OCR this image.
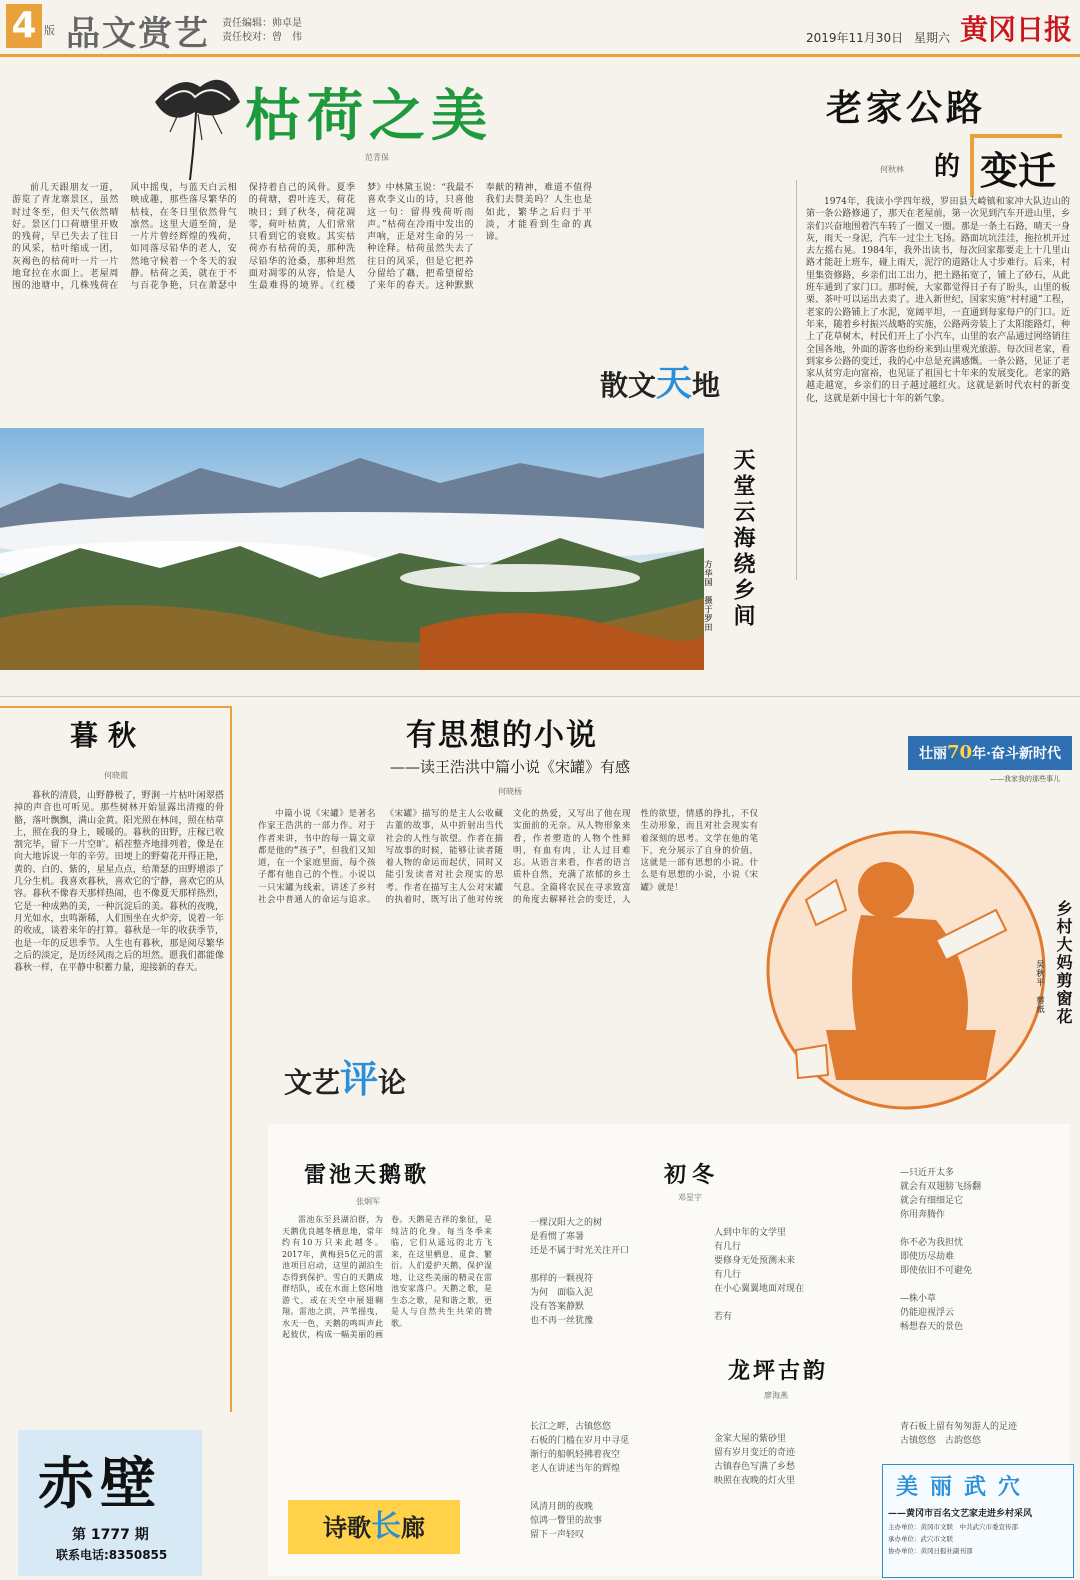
4 版 品文赏艺 责任编辑：帅卓是
责任校对：曾　伟	2019年11月30日 星期六 黄冈日报
枯荷之美
范青保
前几天跟朋友一道，游览了青龙寨景区，虽然时过冬至，但天气依然晴好。景区门口荷塘里开败的残荷，早已失去了往日的风采，枯叶缩成一团，灰褐色的枯荷叶一片一片地耷拉在水面上。老屋周围的池塘中，几株残荷在风中摇曳，与蓝天白云相映成趣，那些落尽繁华的枯枝，在冬日里依然骨气凛然。这里大道至简，是一片片曾经辉煌的残荷，如同落尽铅华的老人，安然地守候着一个冬天的寂静。枯荷之美，就在于不与百花争艳，只在萧瑟中保持着自己的风骨。夏季的荷塘，碧叶连天，荷花映日；到了秋冬，荷花凋零，荷叶枯黄，人们常常只看到它的衰败。其实枯荷亦有枯荷的美，那种洗尽铅华的沧桑，那种坦然面对凋零的从容，恰是人生最难得的境界。《红楼梦》中林黛玉说：“我最不喜欢李义山的诗，只喜他这一句：留得残荷听雨声。”枯荷在冷雨中发出的声响，正是对生命的另一种诠释。枯荷虽然失去了往日的风采，但是它把养分留给了藕，把希望留给了来年的春天。这种默默奉献的精神，难道不值得我们去赞美吗？人生也是如此，繁华之后归于平淡，才能看到生命的真谛。
散文天地
老家公路
的 变迁
何秋林
1974年，我读小学四年级，罗田县大崎镇和家冲大队边山的第一条公路修通了，那天在老屋前，第一次见到汽车开进山里，乡亲们兴奋地围着汽车转了一圈又一圈。那是一条土石路，晴天一身灰，雨天一身泥，汽车一过尘土飞扬。路面坑坑洼洼，拖拉机开过去左摇右晃。1984年，我外出读书，每次回家都要走上十几里山路才能赶上班车，碰上雨天，泥泞的道路让人寸步难行。后来，村里集资修路，乡亲们出工出力，把土路拓宽了，铺上了砂石，从此班车通到了家门口。那时候，大家都觉得日子有了盼头，山里的板栗、茶叶可以运出去卖了。进入新世纪，国家实施“村村通”工程，老家的公路铺上了水泥，宽阔平坦，一直通到每家每户的门口。近年来，随着乡村振兴战略的实施，公路两旁装上了太阳能路灯，种上了花草树木，村民们开上了小汽车，山里的农产品通过网络销往全国各地，外面的游客也纷纷来到山里观光旅游。每次回老家，看到家乡公路的变迁，我的心中总是充满感慨。一条公路，见证了老家从贫穷走向富裕，也见证了祖国七十年来的发展变化。老家的路越走越宽，乡亲们的日子越过越红火。这就是新时代农村的新变化，这就是新中国七十年的新气象。
天堂云海绕乡间
方华国　摄于罗田
暮秋
何晓霞
暮秋的清晨，山野静极了，野涧一片枯叶闲翠搭掉的声音也可听见。那些树林开始显露出清瘦的骨骼，落叶飘飘，满山金黄。阳光照在林间，照在枯草上，照在我的身上，暖暖的。暮秋的田野，庄稼已收割完毕，留下一片空旷。稻茬整齐地排列着，像是在向大地诉说一年的辛劳。田埂上的野菊花开得正艳，黄的、白的、紫的，星星点点，给萧瑟的田野增添了几分生机。我喜欢暮秋，喜欢它的宁静，喜欢它的从容。暮秋不像春天那样热闹，也不像夏天那样热烈，它是一种成熟的美，一种沉淀后的美。暮秋的夜晚，月光如水，虫鸣渐稀，人们围坐在火炉旁，说着一年的收成，谈着来年的打算。暮秋是一年的收获季节，也是一年的反思季节。人生也有暮秋，那是阅尽繁华之后的淡定，是历经风雨之后的坦然。愿我们都能像暮秋一样，在平静中积蓄力量，迎接新的春天。
有思想的小说
——读王浩洪中篇小说《宋罐》有感
何晓杨
中篇小说《宋罐》是著名作家王浩洪的一部力作。对于作者来讲，书中的每一篇文章都是他的“孩子”，但我们又知道，在一个家庭里面，每个孩子都有他自己的个性。小说以一只宋罐为线索，讲述了乡村社会中普通人的命运与追求。《宋罐》描写的是主人公收藏古董的故事，从中折射出当代社会的人性与欲望。作者在描写故事的时候，能够让读者随着人物的命运而起伏，同时又能引发读者对社会现实的思考。作者在描写主人公对宋罐的执着时，既写出了他对传统文化的热爱，又写出了他在现实面前的无奈。从人物形象来看，作者塑造的人物个性鲜明，有血有肉，让人过目难忘。从语言来看，作者的语言质朴自然，充满了浓郁的乡土气息。全篇将农民在寻求致富的角度去解释社会的变迁，人性的欲望，情感的挣扎，不仅生动形象，而且对社会现实有着深刻的思考。文学在他的笔下，充分展示了自身的价值，这就是一部有思想的小说。什么是有思想的小说，小说《宋罐》就是！
文艺评论
乡村大妈剪窗花
吴秋平　剪纸
壮丽70年·奋斗新时代
——我家我的那些事儿
雷池天鹅歌
张炯军
雷池东至县湖泊群，为天鹅优良越冬栖息地，常年约有10万只来此越冬。2017年，黄梅县5亿元的雷池项目启动，这里的湖泊生态得到保护。雪白的天鹅成群结队，或在水面上悠闲地游弋，或在天空中展翅翱翔。雷池之滨，芦苇摇曳，水天一色，天鹅的鸣叫声此起彼伏，构成一幅美丽的画卷。天鹅是吉祥的象征，是纯洁的化身。每当冬季来临，它们从遥远的北方飞来，在这里栖息、觅食、繁衍。人们爱护天鹅，保护湿地，让这些美丽的精灵在雷池安家落户。天鹅之歌，是生态之歌，是和谐之歌，更是人与自然共生共荣的赞歌。
初冬
邓星宇
一棵汉阳大之的树
是看惯了寒暑
还是不属于时光关注开口

那样的一颗视符
为何　面临入泥
没有答案静默
也不再一丝犹豫
人到中年的文学里
有几行
要修身无处预测未来
有几行
在小心翼翼地面对现在

若有
—只近开太多
就会有双翅膀飞扬翻
就会有细细足它
你用奔腾作

你不必为我担忧
即使历尽劫难
即使依旧不可避免

—株小草
仍能迎视浮云
畅想春天的景色
龙坪古韵
廖海燕
长江之畔，古镇悠悠
石板的门槛在岁月中寻觅
渐行的船帆轻拂着夜空
老人在讲述当年的辉煌
金家大屋的紫砂里
留有岁月变迁的奇迹
古镇春色写满了乡愁
映照在夜晚的灯火里
青石板上留有匆匆游人的足迹
古镇悠悠　古韵悠悠
风清月朗的夜晚
惊鸿一瞥里的故事
留下一声轻叹
诗歌长廊
美丽武穴
——黄冈市百名文艺家走进乡村采风
主办单位：黄冈市文联　中共武穴市委宣传部
承办单位：武穴市文联
协办单位：黄冈日报社副刊部
赤壁
第 1777 期
联系电话:8350855
